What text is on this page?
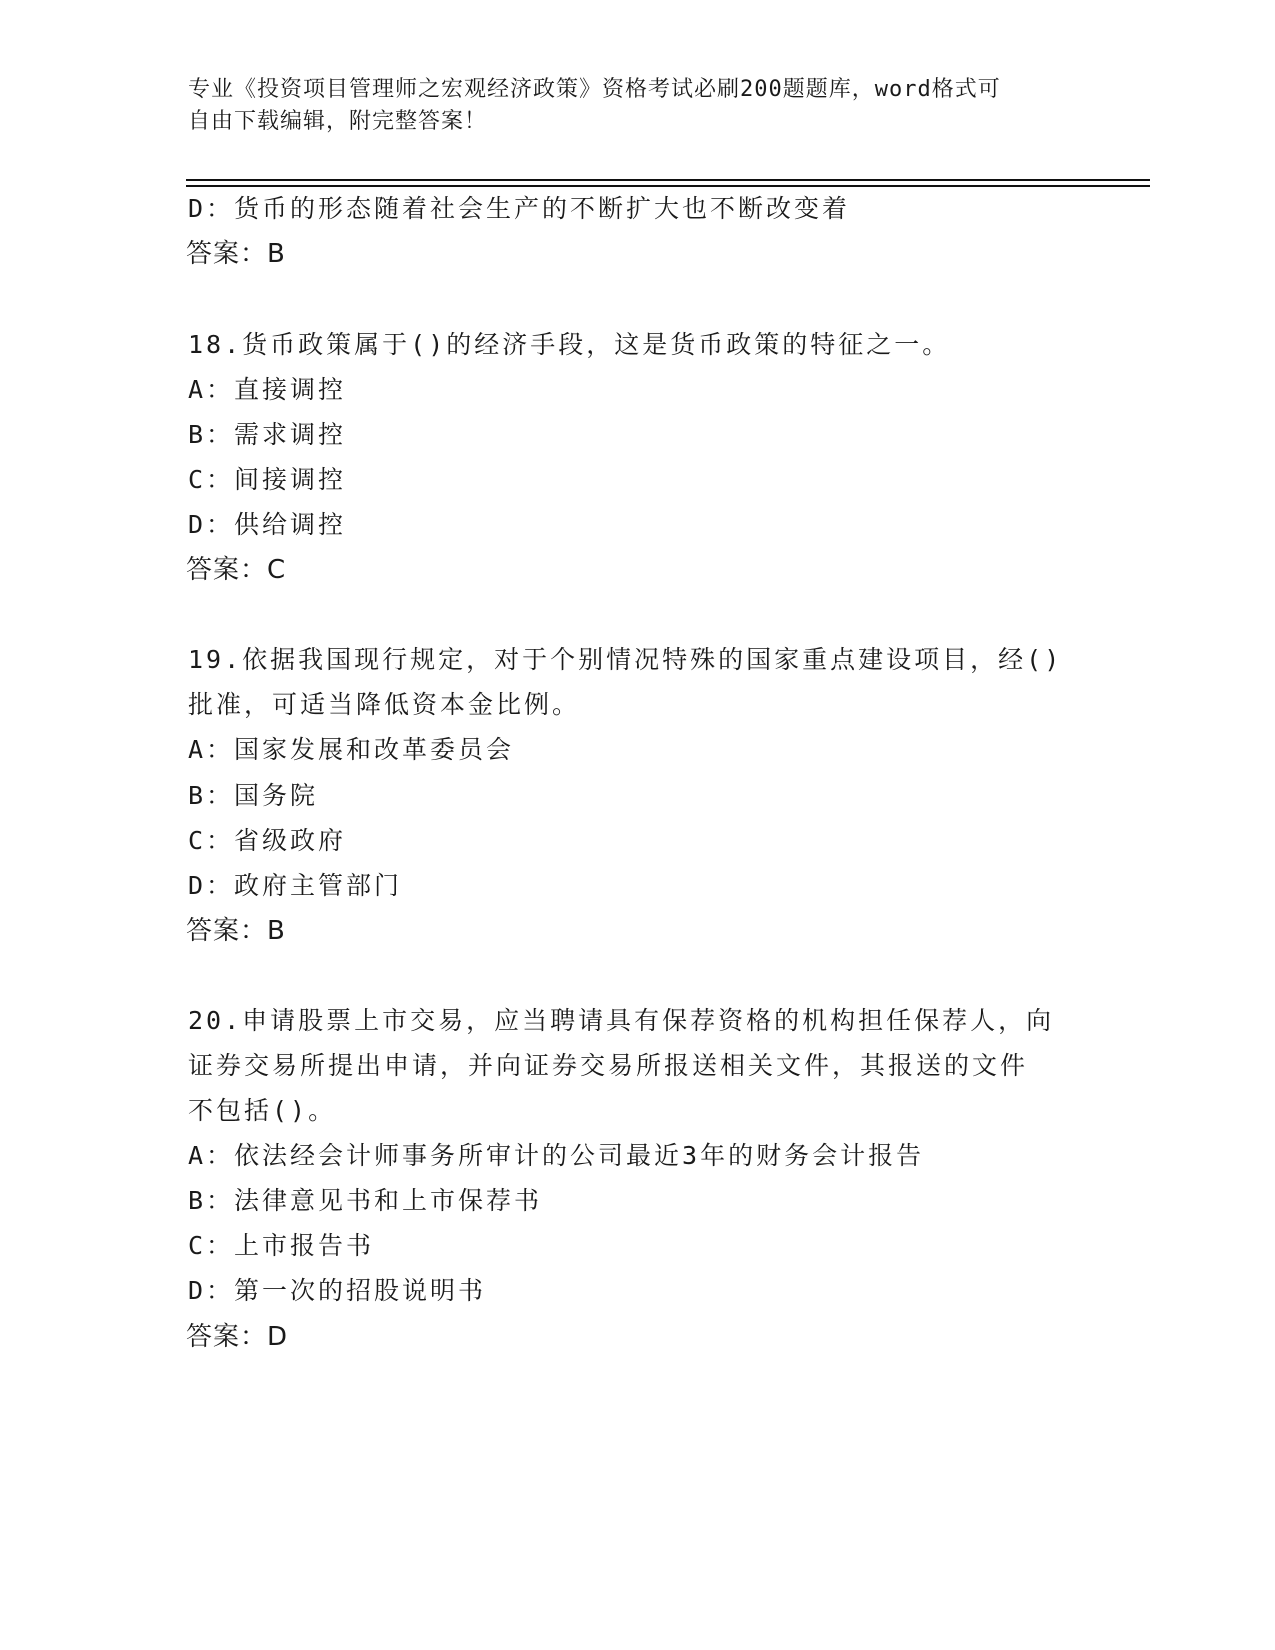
专业《投资项目管理师之宏观经济政策》资格考试必刷200题题库，word格式可
自由下载编辑，附完整答案！
D：货币的形态随着社会生产的不断扩大也不断改变着
答案：B
18.货币政策属于()的经济手段，这是货币政策的特征之一。
A：直接调控
B：需求调控
C：间接调控
D：供给调控
答案：C
19.依据我国现行规定，对于个别情况特殊的国家重点建设项目，经()
批准，可适当降低资本金比例。
A：国家发展和改革委员会
B：国务院
C：省级政府
D：政府主管部门
答案：B
20.申请股票上市交易，应当聘请具有保荐资格的机构担任保荐人，向
证券交易所提出申请，并向证券交易所报送相关文件，其报送的文件
不包括()。
A：依法经会计师事务所审计的公司最近3年的财务会计报告
B：法律意见书和上市保荐书
C：上市报告书
D：第一次的招股说明书
答案：D
